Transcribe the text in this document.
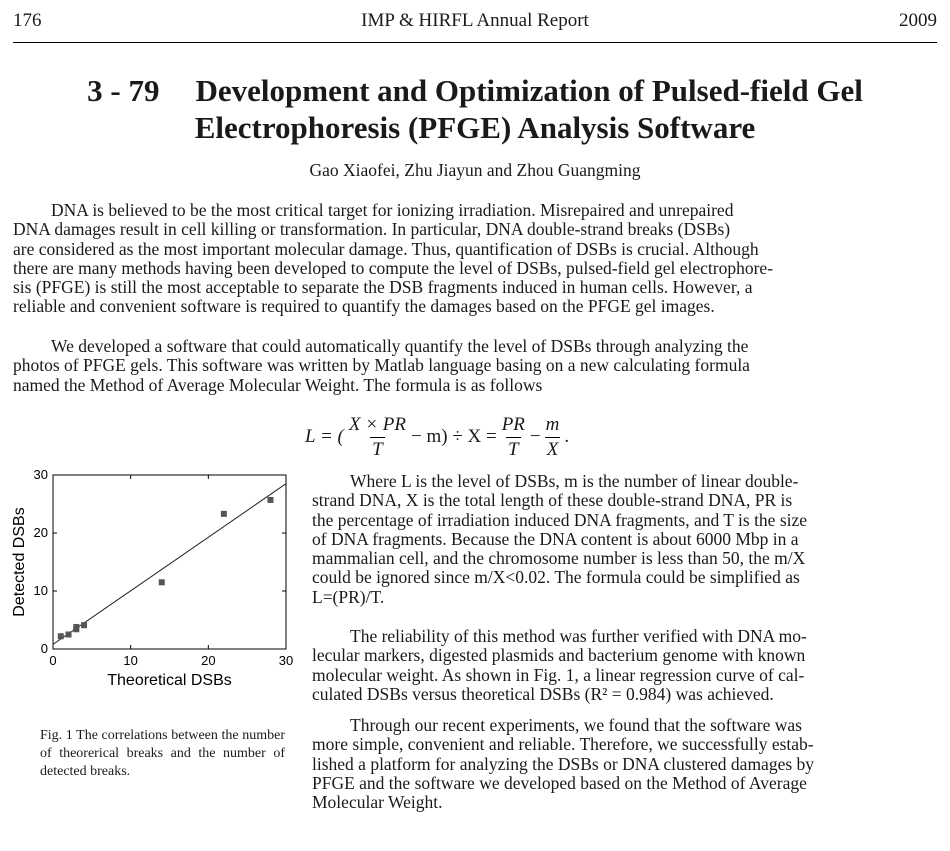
176	IMP & HIRFL Annual Report	2009
3 - 79 Development and Optimization of Pulsed-field Gel
Electrophoresis (PFGE) Analysis Software
Gao Xiaofei, Zhu Jiayun and Zhou Guangming
DNA is believed to be the most critical target for ionizing irradiation. Misrepaired and unrepaired
DNA damages result in cell killing or transformation. In particular, DNA double-strand breaks (DSBs)
are considered as the most important molecular damage. Thus, quantification of DSBs is crucial. Although
there are many methods having been developed to compute the level of DSBs, pulsed-field gel electrophore-
sis (PFGE) is still the most acceptable to separate the DSB fragments induced in human cells. However, a
reliable and convenient software is required to quantify the damages based on the PFGE gel images.
We developed a software that could automatically quantify the level of DSBs through analyzing the
photos of PFGE gels. This software was written by Matlab language basing on a new calculating formula
named the Method of Average Molecular Weight. The formula is as follows
L = ( $\frac{X \times PR}{T} - m) \div X = \frac{PR}{T} - \frac{m}{X}$ .
0	10	20	30
0
10
20
30
Theoretical DSBs
Detected DSBs
Where L is the level of DSBs, m is the number of linear double-
strand DNA, X is the total length of these double-strand DNA, PR is
the percentage of irradiation induced DNA fragments, and T is the size
of DNA fragments. Because the DNA content is about 6000 Mbp in a
mammalian cell, and the chromosome number is less than 50, the m/X
could be ignored since m/X<0.02. The formula could be simplified as
L=(PR)/T.
The reliability of this method was further verified with DNA mo-
lecular markers, digested plasmids and bacterium genome with known
molecular weight. As shown in Fig. 1, a linear regression curve of cal-
culated DSBs versus theoretical DSBs (R² = 0.984) was achieved.
Through our recent experiments, we found that the software was
more simple, convenient and reliable. Therefore, we successfully estab-
lished a platform for analyzing the DSBs or DNA clustered damages by
PFGE and the software we developed based on the Method of Average
Molecular Weight.

Fig. 1 The correlations between the number of theorerical breaks and the number of detected breaks.
